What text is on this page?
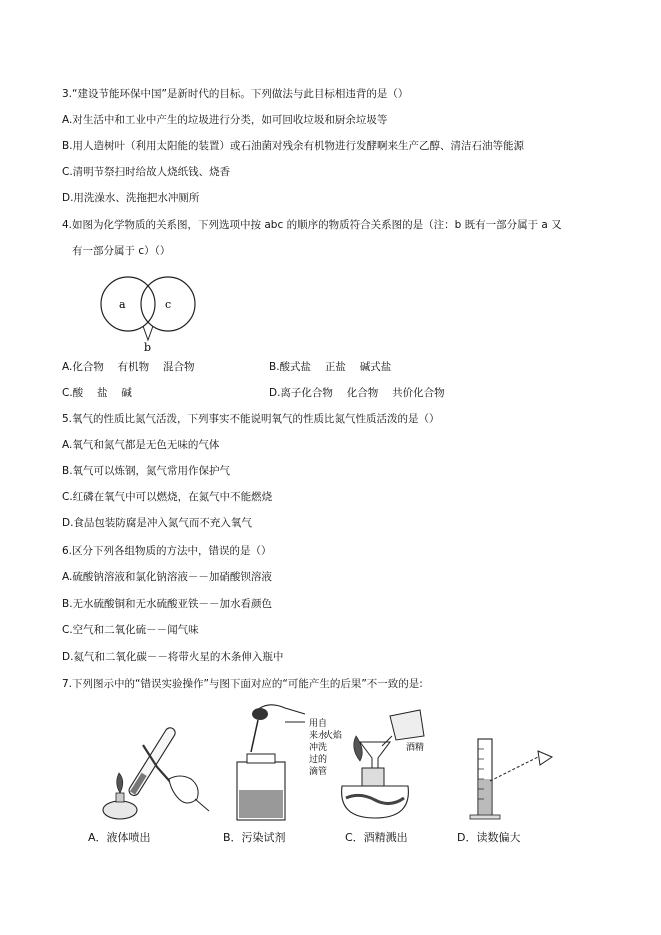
3.“建设节能环保中国”是新时代的目标。下列做法与此目标相违背的是（）
A.对生活中和工业中产生的垃圾进行分类，如可回收垃圾和厨余垃圾等
B.用人造树叶（利用太阳能的装置）或石油菌对残余有机物进行发酵啊来生产乙醇、清洁石油等能源
C.清明节祭扫时给故人烧纸钱、烧香
D.用洗澡水、洗拖把水冲厕所
4.如图为化学物质的关系图，下列选项中按 abc 的顺序的物质符合关系图的是（注：b 既有一部分属于 a 又
有一部分属于 c）（）
a	c
b
A.化合物　 有机物　 混合物	B.酸式盐　 正盐　 碱式盐
C.酸　 盐　 碱	D.离子化合物　 化合物　 共价化合物
5.氧气的性质比氮气活泼，下列事实不能说明氧气的性质比氮气性质活泼的是（）
A.氧气和氮气都是无色无味的气体
B.氧气可以炼钢，氮气常用作保护气
C.红磷在氧气中可以燃烧，在氮气中不能燃烧
D.食品包装防腐是冲入氮气而不充入氧气
6.区分下列各组物质的方法中，错误的是（）
A.硫酸钠溶液和氯化钠溶液－－加硝酸钡溶液
B.无水硫酸铜和无水硫酸亚铁－－加水看颜色
C.空气和二氧化硫－－闻气味
D.氦气和二氧化碳－－将带火星的木条伸入瓶中
7.下列图示中的“错误实验操作”与图下面对应的“可能产生的后果”不一致的是:
用自
来水
冲洗
过的
滴管
火焰
酒精
A．液体喷出	B．污染试剂	C．酒精溅出	D．读数偏大
